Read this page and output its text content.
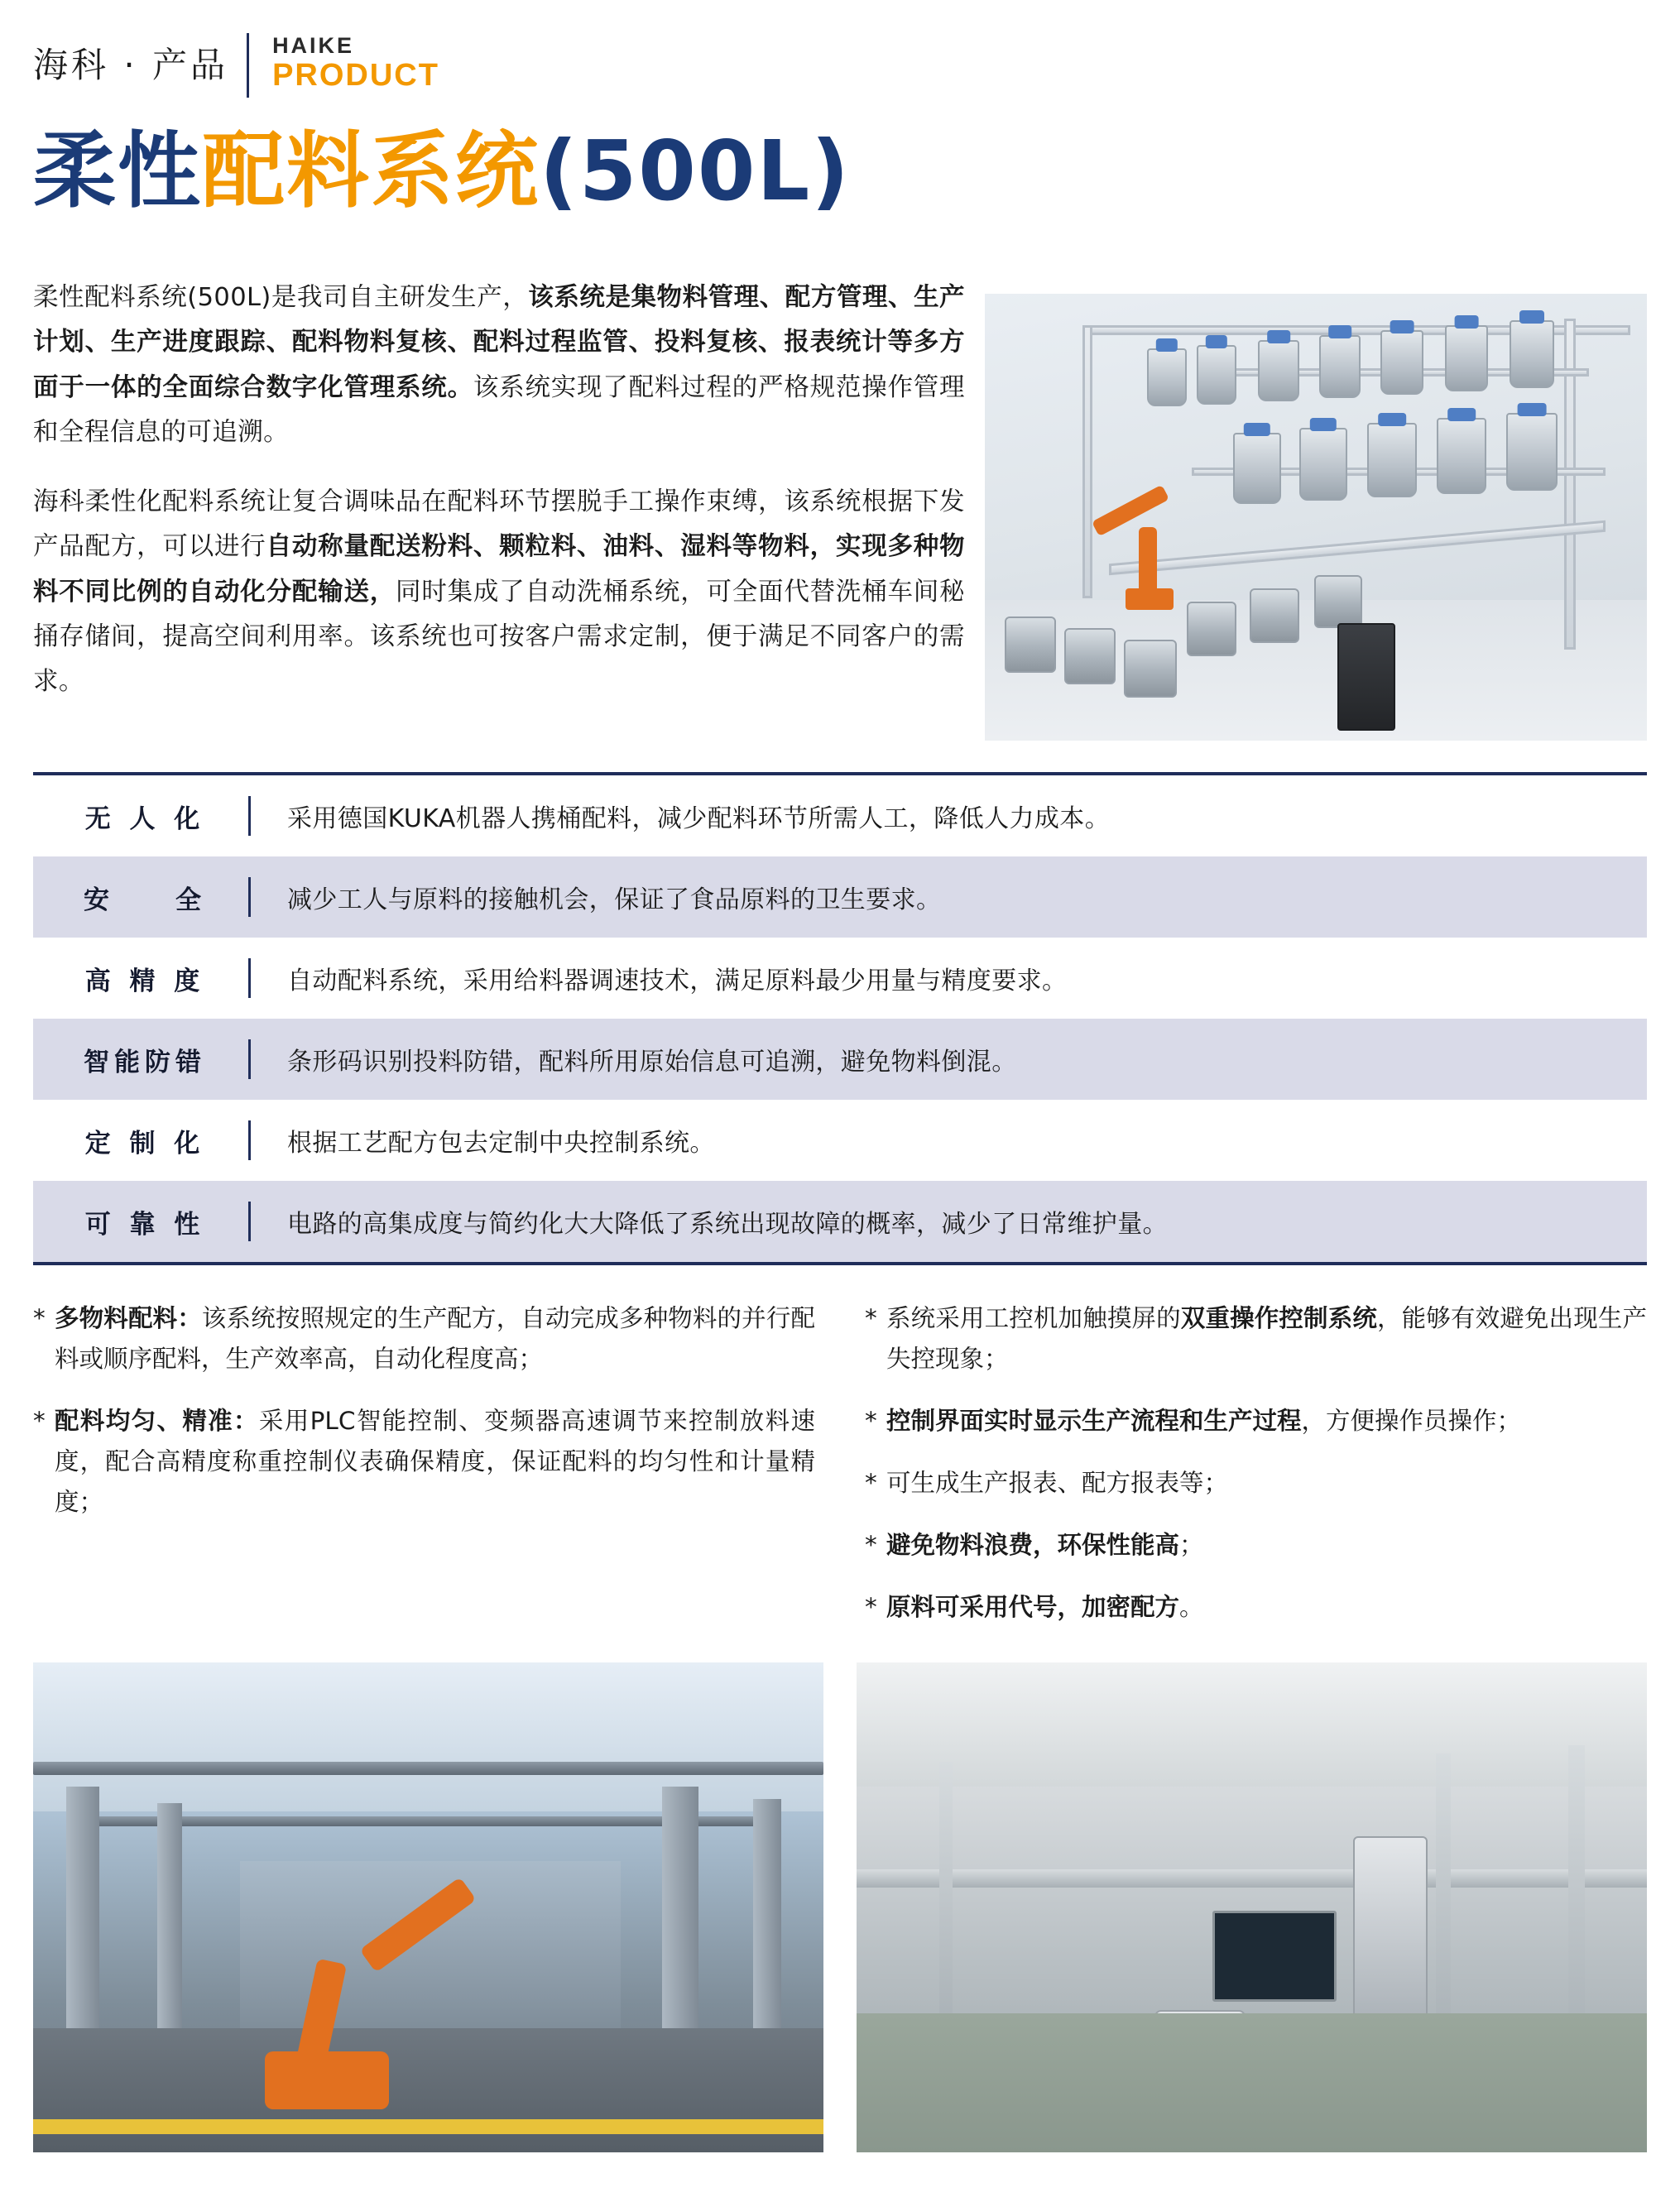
海科 · 产品	HAIKE
PRODUCT
柔性配料系统(500L)

柔性配料系统(500L)是我司自主研发生产，该系统是集物料管理、配方管理、生产计划、生产进度跟踪、配料物料复核、配料过程监管、投料复核、报表统计等多方面于一体的全面综合数字化管理系统。该系统实现了配料过程的严格规范操作管理和全程信息的可追溯。

海科柔性化配料系统让复合调味品在配料环节摆脱手工操作束缚，该系统根据下发产品配方，可以进行自动称量配送粉料、颗粒料、油料、湿料等物料，实现多种物料不同比例的自动化分配输送，同时集成了自动洗桶系统，可全面代替洗桶车间秘捅存储间，提高空间利用率。该系统也可按客户需求定制，便于满足不同客户的需求。

无 人 化	采用德国KUKA机器人携桶配料，减少配料环节所需人工，降低人力成本。
安　　全	减少工人与原料的接触机会，保证了食品原料的卫生要求。
高 精 度	自动配料系统，采用给料器调速技术，满足原料最少用量与精度要求。
智能防错	条形码识别投料防错，配料所用原始信息可追溯，避免物料倒混。
定 制 化	根据工艺配方包去定制中央控制系统。
可 靠 性	电路的高集成度与简约化大大降低了系统出现故障的概率，减少了日常维护量。
* 多物料配料：该系统按照规定的生产配方，自动完成多种物料的并行配料或顺序配料，生产效率高，自动化程度高；
* 配料均匀、精准：采用PLC智能控制、变频器高速调节来控制放料速度，配合高精度称重控制仪表确保精度，保证配料的均匀性和计量精度；
* 系统采用工控机加触摸屏的双重操作控制系统，能够有效避免出现生产失控现象；
* 控制界面实时显示生产流程和生产过程，方便操作员操作；
* 可生成生产报表、配方报表等；
* 避免物料浪费，环保性能高；
* 原料可采用代号，加密配方。
